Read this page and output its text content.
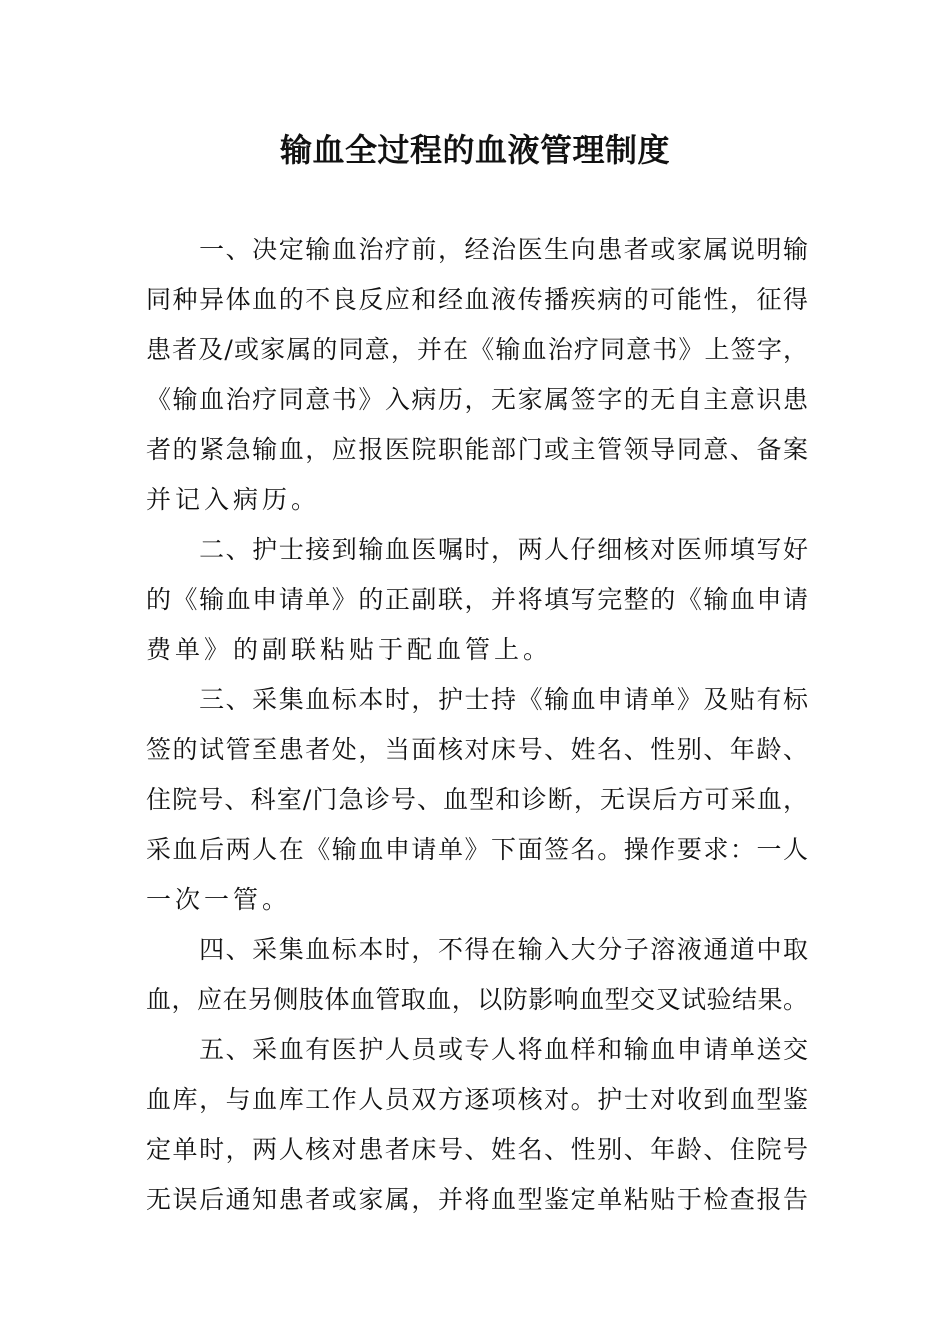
输血全过程的血液管理制度
　　一、决定输血治疗前，经治医生向患者或家属说明输
同种异体血的不良反应和经血液传播疾病的可能性，征得
患者及/或家属的同意，并在《输血治疗同意书》上签字，
《输血治疗同意书》入病历，无家属签字的无自主意识患
者的紧急输血，应报医院职能部门或主管领导同意、备案
并记入病历。
　　二、护士接到输血医嘱时，两人仔细核对医师填写好
的《输血申请单》的正副联，并将填写完整的《输血申请
费单》的副联粘贴于配血管上。
　　三、采集血标本时，护士持《输血申请单》及贴有标
签的试管至患者处，当面核对床号、姓名、性别、年龄、
住院号、科室/门急诊号、血型和诊断，无误后方可采血，
采血后两人在《输血申请单》下面签名。操作要求：一人
一次一管。
　　四、采集血标本时，不得在输入大分子溶液通道中取
血，应在另侧肢体血管取血，以防影响血型交叉试验结果。
　　五、采血有医护人员或专人将血样和输血申请单送交
血库，与血库工作人员双方逐项核对。护士对收到血型鉴
定单时，两人核对患者床号、姓名、性别、年龄、住院号
无误后通知患者或家属，并将血型鉴定单粘贴于检查报告
